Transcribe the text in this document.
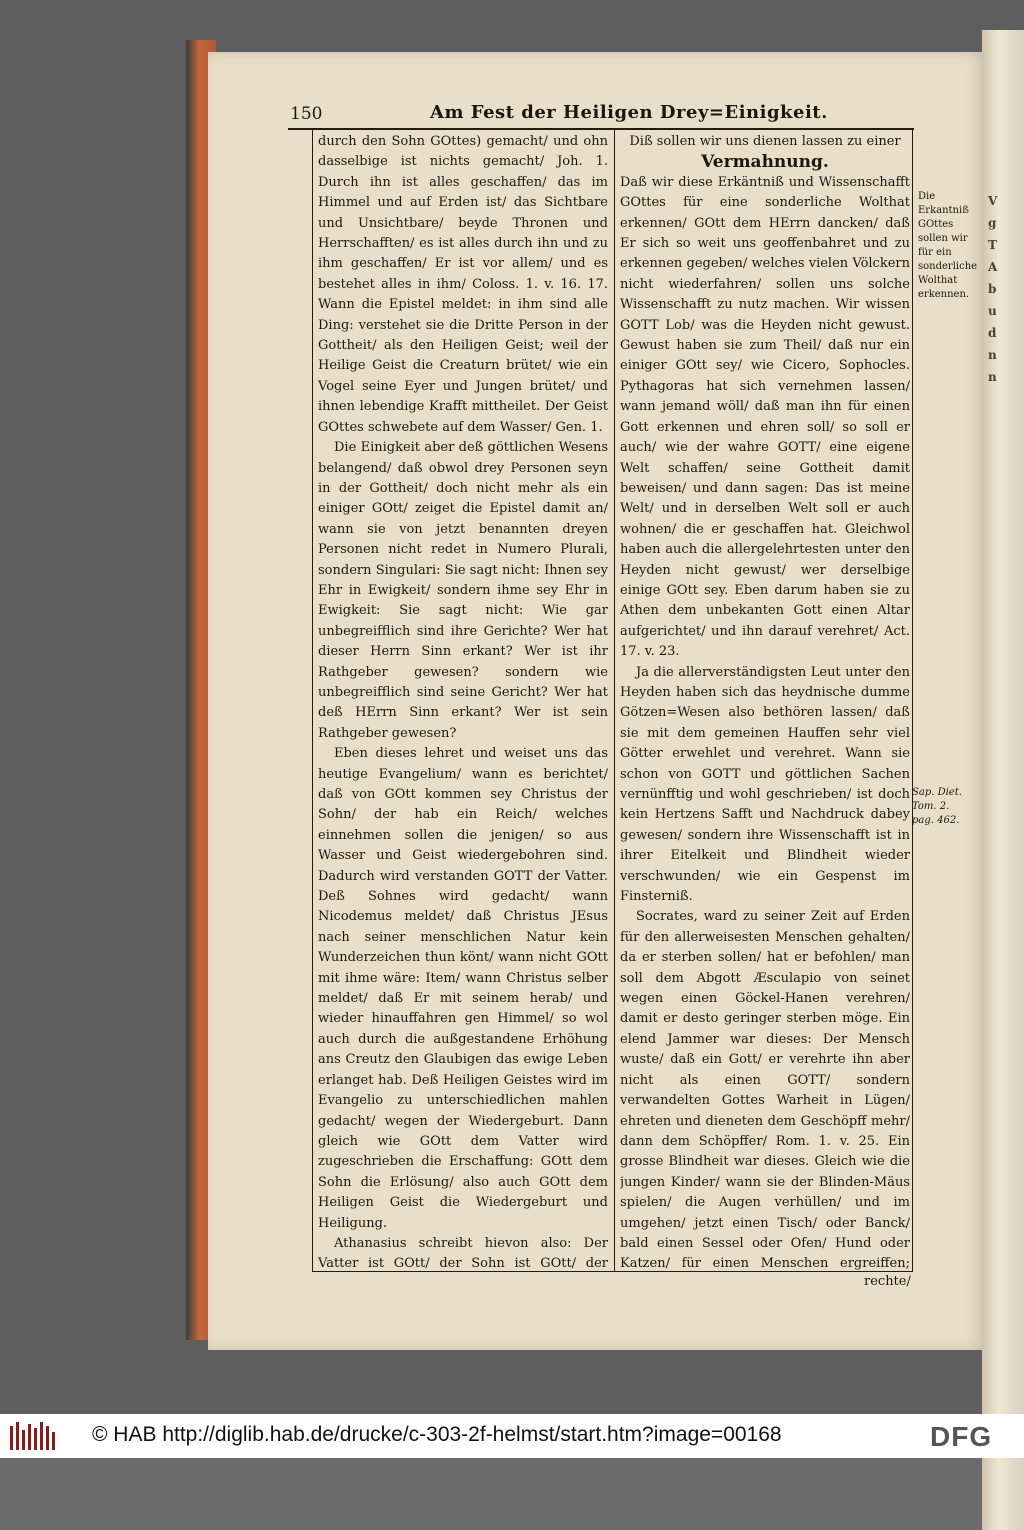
V
g
T
A
b
u
d
n
n
150	Am Fest der Heiligen Drey=Einigkeit.

durch den Sohn GOttes) gemacht/ und ohn dasselbige ist nichts gemacht/ Joh. 1. Durch ihn ist alles geschaffen/ das im Himmel und auf Erden ist/ das Sichtbare und Unsichtbare/ beyde Thronen und Herrschafften/ es ist alles durch ihn und zu ihm geschaffen/ Er ist vor allem/ und es bestehet alles in ihm/ Coloss. 1. v. 16. 17. Wann die Epistel meldet: in ihm sind alle Ding: verstehet sie die Dritte Person in der Gottheit/ als den Heiligen Geist; weil der Heilige Geist die Creaturn brütet/ wie ein Vogel seine Eyer und Jungen brütet/ und ihnen lebendige Krafft mittheilet. Der Geist GOttes schwebete auf dem Wasser/ Gen. 1.

Die Einigkeit aber deß göttlichen Wesens belangend/ daß obwol drey Personen seyn in der Gottheit/ doch nicht mehr als ein einiger GOtt/ zeiget die Epistel damit an/ wann sie von jetzt benannten dreyen Personen nicht redet in Numero Plurali, sondern Singulari: Sie sagt nicht: Ihnen sey Ehr in Ewigkeit/ sondern ihme sey Ehr in Ewigkeit: Sie sagt nicht: Wie gar unbegreifflich sind ihre Gerichte? Wer hat dieser Herrn Sinn erkant? Wer ist ihr Rathgeber gewesen? sondern wie unbegreifflich sind seine Gericht? Wer hat deß HErrn Sinn erkant? Wer ist sein Rathgeber gewesen?

Eben dieses lehret und weiset uns das heutige Evangelium/ wann es berichtet/ daß von GOtt kommen sey Christus der Sohn/ der hab ein Reich/ welches einnehmen sollen die jenigen/ so aus Wasser und Geist wiedergebohren sind. Dadurch wird verstanden GOTT der Vatter. Deß Sohnes wird gedacht/ wann Nicodemus meldet/ daß Christus JEsus nach seiner menschlichen Natur kein Wunderzeichen thun könt/ wann nicht GOtt mit ihme wäre: Item/ wann Christus selber meldet/ daß Er mit seinem herab/ und wieder hinauffahren gen Himmel/ so wol auch durch die außgestandene Erhöhung ans Creutz den Glaubigen das ewige Leben erlanget hab. Deß Heiligen Geistes wird im Evangelio zu unterschiedlichen mahlen gedacht/ wegen der Wiedergeburt. Dann gleich wie GOtt dem Vatter wird zugeschrieben die Erschaffung: GOtt dem Sohn die Erlösung/ also auch GOtt dem Heiligen Geist die Wiedergeburt und Heiligung.

Athanasius schreibt hievon also: Der Vatter ist GOtt/ der Sohn ist GOtt/ der

Diß sollen wir uns dienen lassen zu einer

Vermahnung.

Daß wir diese Erkäntniß und Wissenschafft GOttes für eine sonderliche Wolthat erkennen/ GOtt dem HErrn dancken/ daß Er sich so weit uns geoffenbahret und zu erkennen gegeben/ welches vielen Völckern nicht wiederfahren/ sollen uns solche Wissenschafft zu nutz machen. Wir wissen GOTT Lob/ was die Heyden nicht gewust. Gewust haben sie zum Theil/ daß nur ein einiger GOtt sey/ wie Cicero, Sophocles. Pythagoras hat sich vernehmen lassen/ wann jemand wöll/ daß man ihn für einen Gott erkennen und ehren soll/ so soll er auch/ wie der wahre GOTT/ eine eigene Welt schaffen/ seine Gottheit damit beweisen/ und dann sagen: Das ist meine Welt/ und in derselben Welt soll er auch wohnen/ die er geschaffen hat. Gleichwol haben auch die allergelehrtesten unter den Heyden nicht gewust/ wer derselbige einige GOtt sey. Eben darum haben sie zu Athen dem unbekanten Gott einen Altar aufgerichtet/ und ihn darauf verehret/ Act. 17. v. 23.

Ja die allerverständigsten Leut unter den Heyden haben sich das heydnische dumme Götzen=Wesen also bethören lassen/ daß sie mit dem gemeinen Hauffen sehr viel Götter erwehlet und verehret. Wann sie schon von GOTT und göttlichen Sachen vernünfftig und wohl geschrieben/ ist doch kein Hertzens Safft und Nachdruck dabey gewesen/ sondern ihre Wissenschafft ist in ihrer Eitelkeit und Blindheit wieder verschwunden/ wie ein Gespenst im Finsterniß.

Socrates, ward zu seiner Zeit auf Erden für den allerweisesten Menschen gehalten/ da er sterben sollen/ hat er befohlen/ man soll dem Abgott Æsculapio von seinet wegen einen Göckel-Hanen verehren/ damit er desto geringer sterben möge. Ein elend Jammer war dieses: Der Mensch wuste/ daß ein Gott/ er verehrte ihn aber nicht als einen GOTT/ sondern verwandelten Gottes Warheit in Lügen/ ehreten und dieneten dem Geschöpff mehr/ dann dem Schöpffer/ Rom. 1. v. 25. Ein grosse Blindheit war dieses. Gleich wie die jungen Kinder/ wann sie der Blinden-Mäus spielen/ die Augen verhüllen/ und im umgehen/ jetzt einen Tisch/ oder Banck/ bald einen Sessel oder Ofen/ Hund oder Katzen/ für einen Menschen ergreiffen;

Die Erkantniß GOttes sollen wir für ein sonderliche Wolthat erkennen.
Sap. Diet. Tom. 2. pag. 462.
rechte/
© HAB http://diglib.hab.de/drucke/c-303-2f-helmst/start.htm?image=00168	DFG
